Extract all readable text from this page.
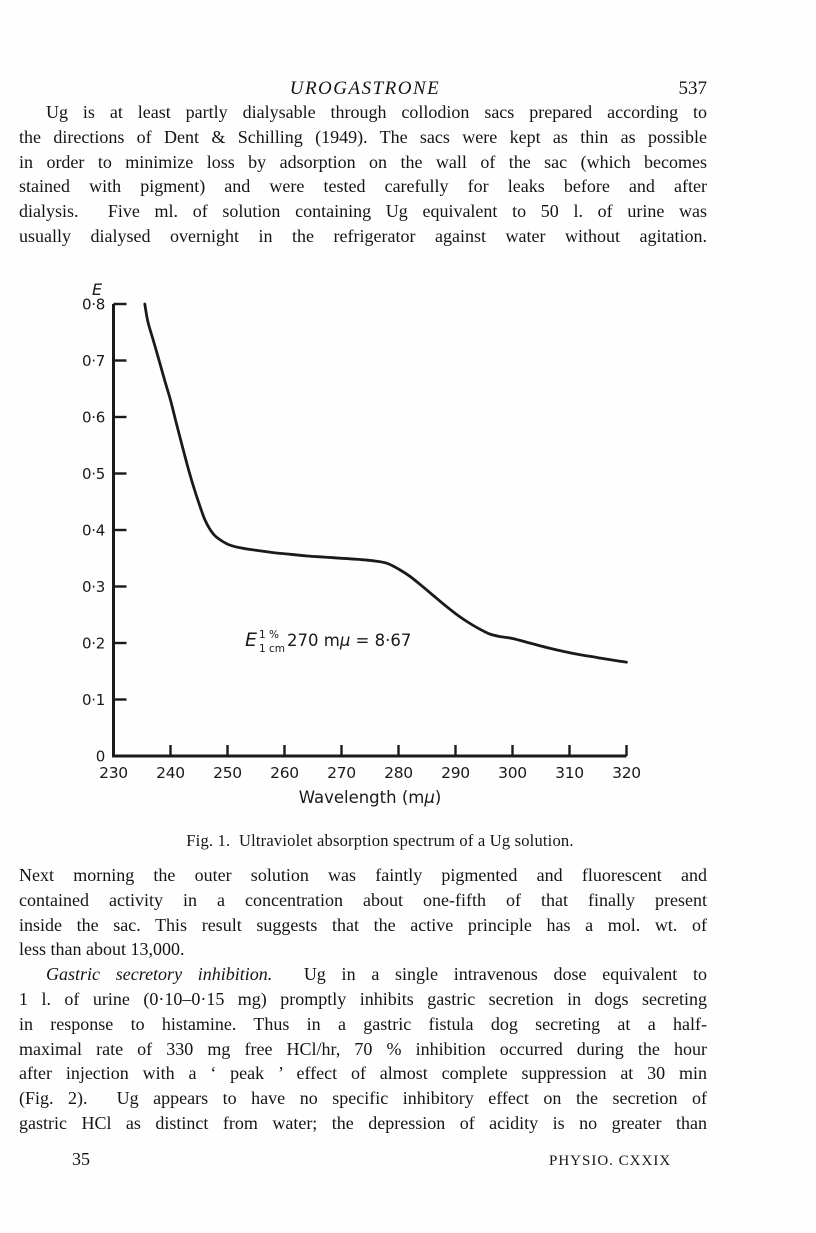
UROGASTRONE	537
Ug is at least partly dialysable through collodion sacs prepared according to
the directions of Dent & Schilling (1949). The sacs were kept as thin as possible
in order to minimize loss by adsorption on the wall of the sac (which becomes
stained with pigment) and were tested carefully for leaks before and after
dialysis.  Five ml. of solution containing Ug equivalent to 50 l. of urine was
usually dialysed overnight in the refrigerator against water without agitation.
0
0·1
0·2
0·3
0·4
0·5
0·6
0·7
0·8
230 240 250 260 270 280 290 300 310 320
E
Wavelength (mμ)
E 1 %
1 cm 270 mμ = 8·67
Fig. 1.  Ultraviolet absorption spectrum of a Ug solution.
Next morning the outer solution was faintly pigmented and fluorescent and
contained activity in a concentration about one-fifth of that finally present
inside the sac. This result suggests that the active principle has a mol. wt. of
less than about 13,000.
Gastric secretory inhibition.  Ug in a single intravenous dose equivalent to
1 l. of urine (0·10–0·15 mg) promptly inhibits gastric secretion in dogs secreting
in response to histamine. Thus in a gastric fistula dog secreting at a half-
maximal rate of 330 mg free HCl/hr, 70 % inhibition occurred during the hour
after injection with a ‘ peak ’ effect of almost complete suppression at 30 min
(Fig. 2).  Ug appears to have no specific inhibitory effect on the secretion of
gastric HCl as distinct from water; the depression of acidity is no greater than
35	PHYSIO. CXXIX
